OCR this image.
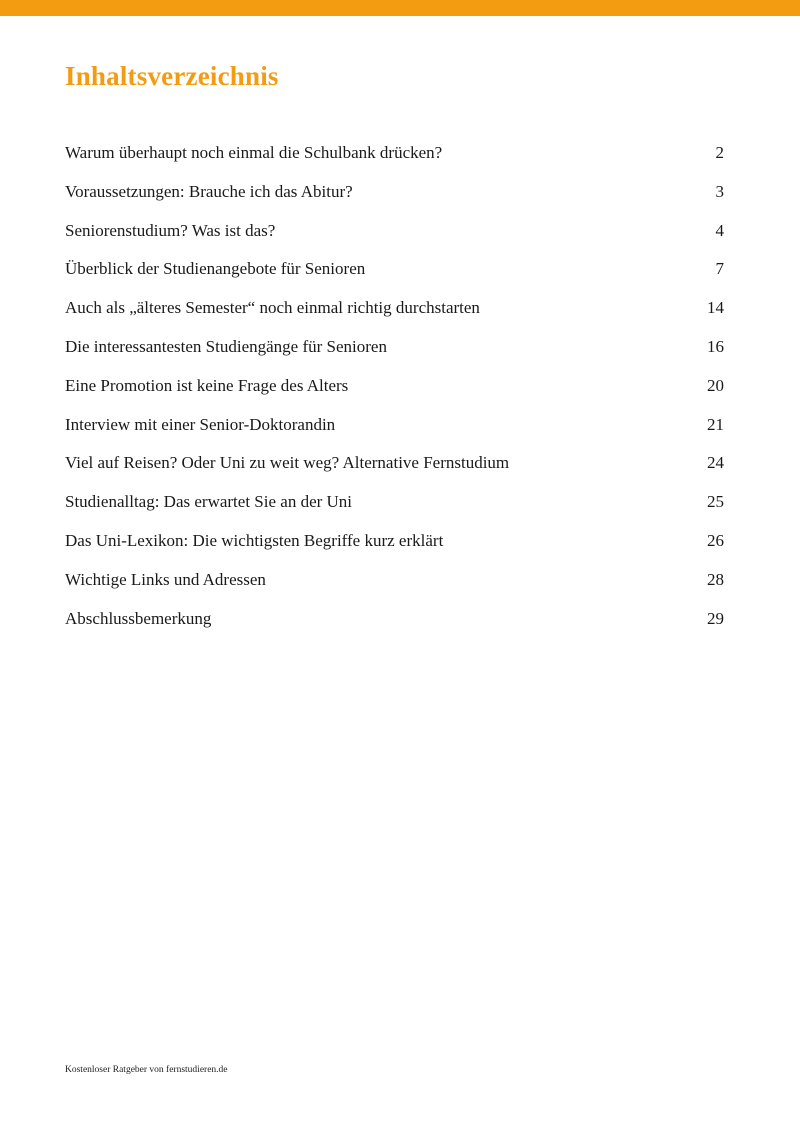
Inhaltsverzeichnis
Warum überhaupt noch einmal die Schulbank drücken?	2
Voraussetzungen: Brauche ich das Abitur?	3
Seniorenstudium? Was ist das?	4
Überblick der Studienangebote für Senioren	7
Auch als „älteres Semester“ noch einmal richtig durchstarten	14
Die interessantesten Studiengänge für Senioren	16
Eine Promotion ist keine Frage des Alters	20
Interview mit einer Senior-Doktorandin	21
Viel auf Reisen? Oder Uni zu weit weg? Alternative Fernstudium	24
Studienalltag: Das erwartet Sie an der Uni	25
Das Uni-Lexikon: Die wichtigsten Begriffe kurz erklärt	26
Wichtige Links und Adressen	28
Abschlussbemerkung	29
Kostenloser Ratgeber von fernstudieren.de
